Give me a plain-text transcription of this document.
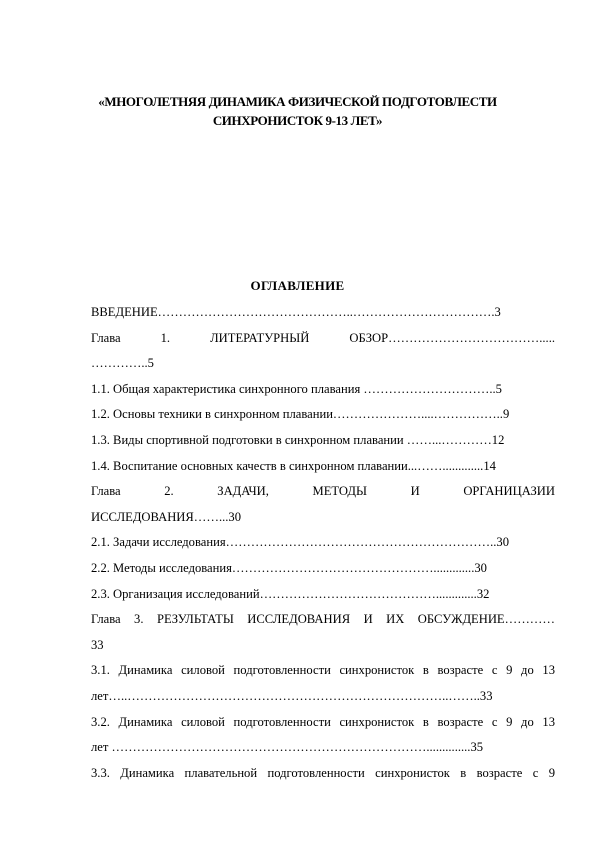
«МНОГОЛЕТНЯЯ ДИНАМИКА ФИЗИЧЕСКОЙ ПОДГОТОВЛЕСТИ
СИНХРОНИСТОК 9-13 ЛЕТ»
ОГЛАВЛЕНИЕ
ВВЕДЕНИЕ………………………………………..…………………………….3
Глава 1. ЛИТЕРАТУРНЫЙ ОБЗОР……………………………….....
…………..5
1.1. Общая характеристика синхронного плавания …………………………..5
1.2. Основы техники в синхронном плавании…………………....……………..9
1.3. Виды спортивной подготовки в синхронном плавании ……...…………12
1.4. Воспитание основных качеств в синхронном плавании...…….............14
Глава 2. ЗАДАЧИ, МЕТОДЫ И ОРГАНИЦАЗИИ
ИССЛЕДОВАНИЯ……...30
2.1. Задачи исследования………………………………………………………..30
2.2. Методы исследования………………………………………….............30
2.3. Организация исследований…………………………………….............32
Глава 3. РЕЗУЛЬТАТЫ ИССЛЕДОВАНИЯ И ИХ ОБСУЖДЕНИЕ…………
33
3.1. Динамика силовой подготовленности синхронисток в возрасте с 9 до 13
лет…..…………………………………………………………………..……..33
3.2. Динамика силовой подготовленности синхронисток в возрасте с 9 до 13
лет …………………………………………………………………..............35
3.3. Динамика плавательной подготовленности синхронисток в возрасте с 9
